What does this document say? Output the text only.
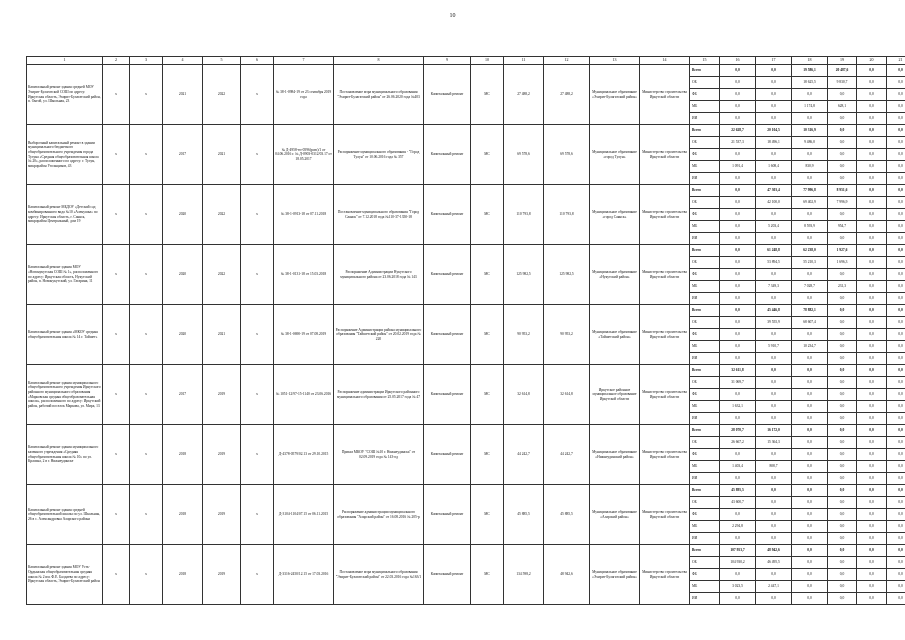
10
1	2	3	4	5	6	7	8	9	10	11	12	13	14	15	16	17	18	19	20	21
Капитальный ремонт здания средней МОУ Эхирит-Булагатской СОШ по адресу: Иркутская область, Эхирит-Булагатский район, п. Онгой, ул. Школьная, 23	x	x	2021	2022	x	№ 38-1-0984-19 от 23 сентября 2019 года	Постановление мэра муниципального образования "Эхирит-Булагатский район" от 26.06.2020 года №403	Капитальный ремонт	МС	27 488,2	27 488,2	Муниципальное образование «Эхирит-Булагатский район»	Министерство строительства Иркутской области	Всего	0,0	0,0	19 586,1	20 487,6	0,0	0,0
														ОБ	0,0	0,0	18 625,5	9 830,7	0,0	0,0
														ФБ	0,0	0,0	0,0	0,0	0,0	0,0
														МБ	0,0	0,0	1 174,8	628,1	0,0	0,0
														ИИ	0,0	0,0	0,0	0,0	0,0	0,0
Выборочный капитальный ремонт в здании муниципального бюджетного общеобразовательного учреждения города Тулуна «Средняя общеобразовательная школа № 20», расположенного по адресу: г. Тулун, микрорайон Угольщиков, 43	x	x	2017	2021	x	№ Д-4958-тп-0596(pcm)/1 от 04.06.2016 г. № Д-0903-0312/03.17 от 18.05.2017	Распоряжение муниципального образования - "Город Тулун" от 10.06.2016 года № 357	Капитальный ремонт	МС	69 578,6	69 578,6	Муниципальное образование «город Тулун»	Министерство строительства Иркутской области	Всего	22 628,7	20 104,5	10 316,9	0,0	0,0	0,0
														ОБ	21 537,3	18 496,1	9 486,0	0,0	0,0	0,0
														ФБ	0,0	0,0	0,0	0,0	0,0	0,0
														МБ	1 091,4	1 608,4	830,9	0,0	0,0	0,0
														ИИ	0,0	0,0	0,0	0,0	0,0	0,0
Капитальный ремонт МБДОУ «Детский сад комбинированного вида №10 «Аленушка» по адресу: Иркутская область, г. Саянск, микрорайон Центральный, дом 19	x	x	2020	2022	x	№ 38-1-0913-18 от 07.11.2018	Постановление муниципального образования "Город Саянск" от 7.12.2018 года №110-37-1350-18	Капитальный ремонт	МС	110 793,8	110 793,8	Муниципальное образование «город Саянск»	Министерство строительства Иркутской области	Всего	0,0	47 303,4	77 996,8	8 951,6	0,0	0,0
														ОБ	0,0	42 100,0	69 402,9	7 996,9	0,0	0,0
														ФБ	0,0	0,0	0,0	0,0	0,0	0,0
														МБ	0,0	5 203,4	8 593,9	954,7	0,0	0,0
														ИИ	0,0	0,0	0,0	0,0	0,0	0,0
Капитальный ремонт здания МОУ «Новонукутская СОШ № 1», расположенного по адресу: Иркутская область, Нукутский район, п. Новонукутский, ул. Гагарина, 11	x	x	2020	2022	x	№ 38-1-0131-18 от 15.03.2018	Распоряжение Администрации Нукутского муниципального района от 23.06.2018 года № 143	Капитальный ремонт	МС	125 982,5	125 982,5	Муниципальное образование «Нукутский район»	Министерство строительства Иркутской области	Всего	0,0	61 248,8	62 238,0	1 927,6	0,0	0,0
														ОБ	0,0	53 894,5	55 210,3	1 696,3	0,0	0,0
														ФБ	0,0	0,0	0,0	0,0	0,0	0,0
														МБ	0,0	7 349,3	7 028,7	231,3	0,0	0,0
														ИИ	0,0	0,0	0,0	0,0	0,0	0,0
Капитальный ремонт здания «МКОУ средняя общеобразовательная школа № 14 г. Тайшет»	x	x	2020	2021	x	№ 38-1-0690-19 от 07.08.2019	Распоряжение Администрации района муниципального образования "Тайшетский район" от 20.02.2019 года № 220	Капитальный ремонт	МС	90 953,2	90 953,2	Муниципальное образование «Тайшетский район»	Министерство строительства Иркутской области	Всего	0,0	45 446,8	78 882,1	0,0	0,0	0,0
														ОБ	0,0	39 555,9	68 607,4	0,0	0,0	0,0
														ФБ	0,0	0,0	0,0	0,0	0,0	0,0
														МБ	0,0	5 910,7	10 234,7	0,0	0,0	0,0
														ИИ	0,0	0,0	0,0	0,0	0,0	0,0
Капитальный ремонт здания муниципального общеобразовательного учреждения Иркутского районного муниципального образования «Марковская средняя общеобразовательная школа», расположенного по адресу: Иркутский район, рабочий поселок Маркова, ул. Мира, 13	x	x	2017	2019	x	№ 1051-12/97-15-1140 от 23.06.2016	Распоряжение администрации Иркутского районного муниципального образования от 25.05.2017 года № 47	Капитальный ремонт	МС	32 614,8	32 614,8	Иркутское районное муниципальное образование Иркутской области	Министерство строительства Иркутской области	Всего	32 611,8	0,0	0,0	0,0	0,0	0,0
														ОБ	31 069,7	0,0	0,0	0,0	0,0	0,0
														ФБ	0,0	0,0	0,0	0,0	0,0	0,0
														МБ	1 632,1	0,0	0,0	0,0	0,0	0,0
														ИИ	0,0	0,0	0,0	0,0	0,0	0,0
Капитальный ремонт здания муниципального казенного учреждения «Средняя общеобразовательная школа № 10» по ул. Красина, 2 в г. Нижнеудинске	x	x	2018	2019	x	Д-4378-0579/02.13 от 29.10.2015	Приказ МКОУ "СОШ №10 г. Нижнеудинска" от 02.09.2019 года № 143-од	Капитальный ремонт	МС	44 242,7	44 242,7	Муниципальное образование «Нижнеудинский район»	Министерство строительства Иркутской области	Всего	28 070,7	16 172,0	0,0	0,0	0,0	0,0
														ОБ	26 667,2	15 364,3	0,0	0,0	0,0	0,0
														ФБ	0,0	0,0	0,0	0,0	0,0	0,0
														МБ	1 403,4	808,7	0,0	0,0	0,0	0,0
														ИИ	0,0	0,0	0,0	0,0	0,0	0,0
Капитальный ремонт здания средней общеобразовательной школы по ул. Школьная, 26 в с. Александровка Аларского района	x	x	2018	2019	x	Д-3104-1104/07.15 от 06.11.2015	Распоряжение администрации муниципального образования "Аларский район" от 16.08.2016 № 205-р	Капитальный ремонт	МС	45 885,5	45 885,5	Муниципальное образование «Аларский район»	Министерство строительства Иркутской области	Всего	45 895,5	0,0	0,0	0,0	0,0	0,0
														ОБ	43 600,7	0,0	0,0	0,0	0,0	0,0
														ФБ	0,0	0,0	0,0	0,0	0,0	0,0
														МБ	2 294,8	0,0	0,0	0,0	0,0	0,0
														ИИ	0,0	0,0	0,0	0,0	0,0	0,0
Капитальный ремонт здания МОУ Усть-Ордынская общеобразовательная средняя школа № 2 им. Ф.Е. Балдаева по адресу: Иркутская область, Эхирит-Булагатский район	x	x	2018	2019	x	Д-3316-2450/12.15 от 17.03.2016	Постановление мэра муниципального образования "Эхирит-Булагатский район" от 22.03.2016 года №163/1	Капитальный ремонт	МС	134 598,2	48 942,6	Муниципальное образование «Эхирит-Булагатский район»	Министерство строительства Иркутской области	Всего	107 953,7	48 942,6	0,0	0,0	0,0	0,0
														ОБ	104 930,2	46 495,5	0,0	0,0	0,0	0,0
														ФБ	0,0	0,0	0,0	0,0	0,0	0,0
														МБ	3 023,5	2 447,1	0,0	0,0	0,0	0,0
														ИИ	0,0	0,0	0,0	0,0	0,0	0,0
